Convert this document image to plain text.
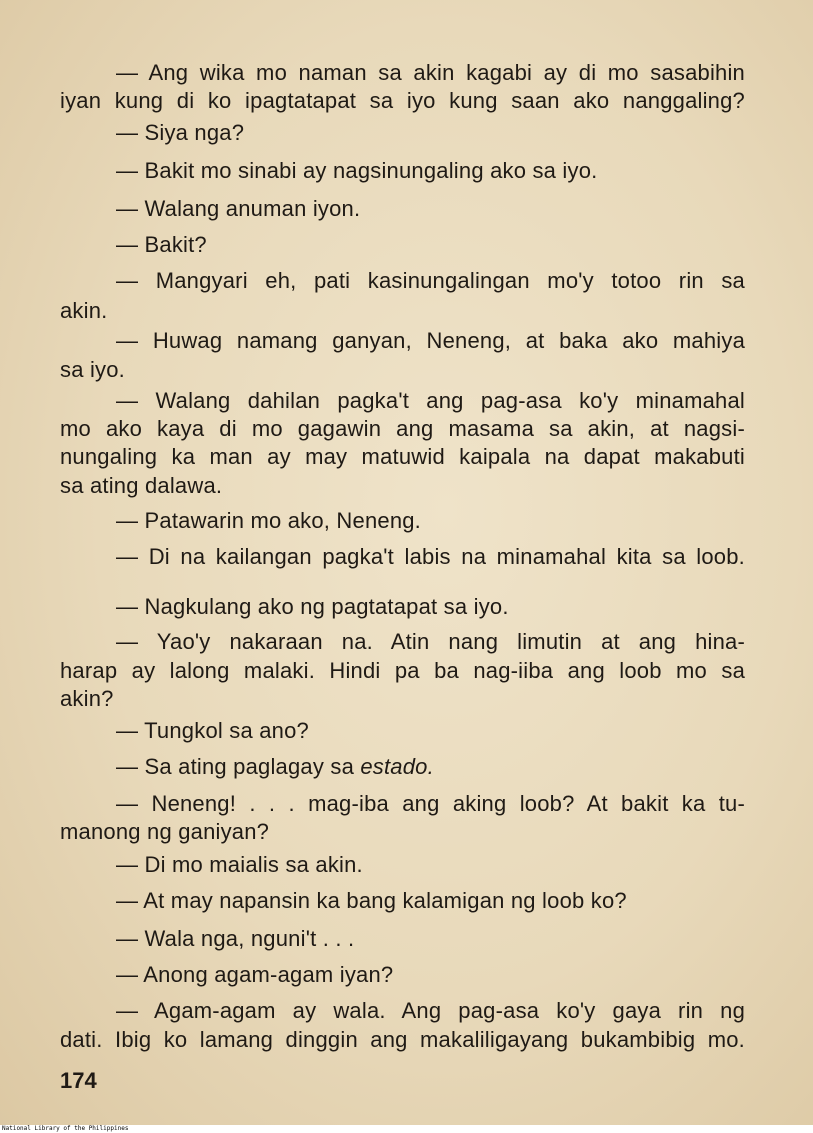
— Ang wika mo naman sa akin kagabi ay di mo sasabihin
iyan kung di ko ipagtatapat sa iyo kung saan ako nanggaling?
— Siya nga?
— Bakit mo sinabi ay nagsinungaling ako sa iyo.
— Walang anuman iyon.
— Bakit?
— Mangyari eh, pati kasinungalingan mo'y totoo rin sa
akin.
— Huwag namang ganyan, Neneng, at baka ako mahiya
sa iyo.
— Walang dahilan pagka't ang pag-asa ko'y minamahal
mo ako kaya di mo gagawin ang masama sa akin, at nagsi-
nungaling ka man ay may matuwid kaipala na dapat makabuti
sa ating dalawa.
— Patawarin mo ako, Neneng.
— Di na kailangan pagka't labis na minamahal kita sa loob.
— Nagkulang ako ng pagtatapat sa iyo.
— Yao'y nakaraan na. Atin nang limutin at ang hina-
harap ay lalong malaki. Hindi pa ba nag-iiba ang loob mo sa
akin?
— Tungkol sa ano?
— Sa ating paglagay sa estado.
— Neneng! . . . mag-iba ang aking loob? At bakit ka tu-
manong ng ganiyan?
— Di mo maialis sa akin.
— At may napansin ka bang kalamigan ng loob ko?
— Wala nga, nguni't . . .
— Anong agam-agam iyan?
— Agam-agam ay wala. Ang pag-asa ko'y gaya rin ng
dati. Ibig ko lamang dinggin ang makaliligayang bukambibig mo.
174
National Library of the Philippines
